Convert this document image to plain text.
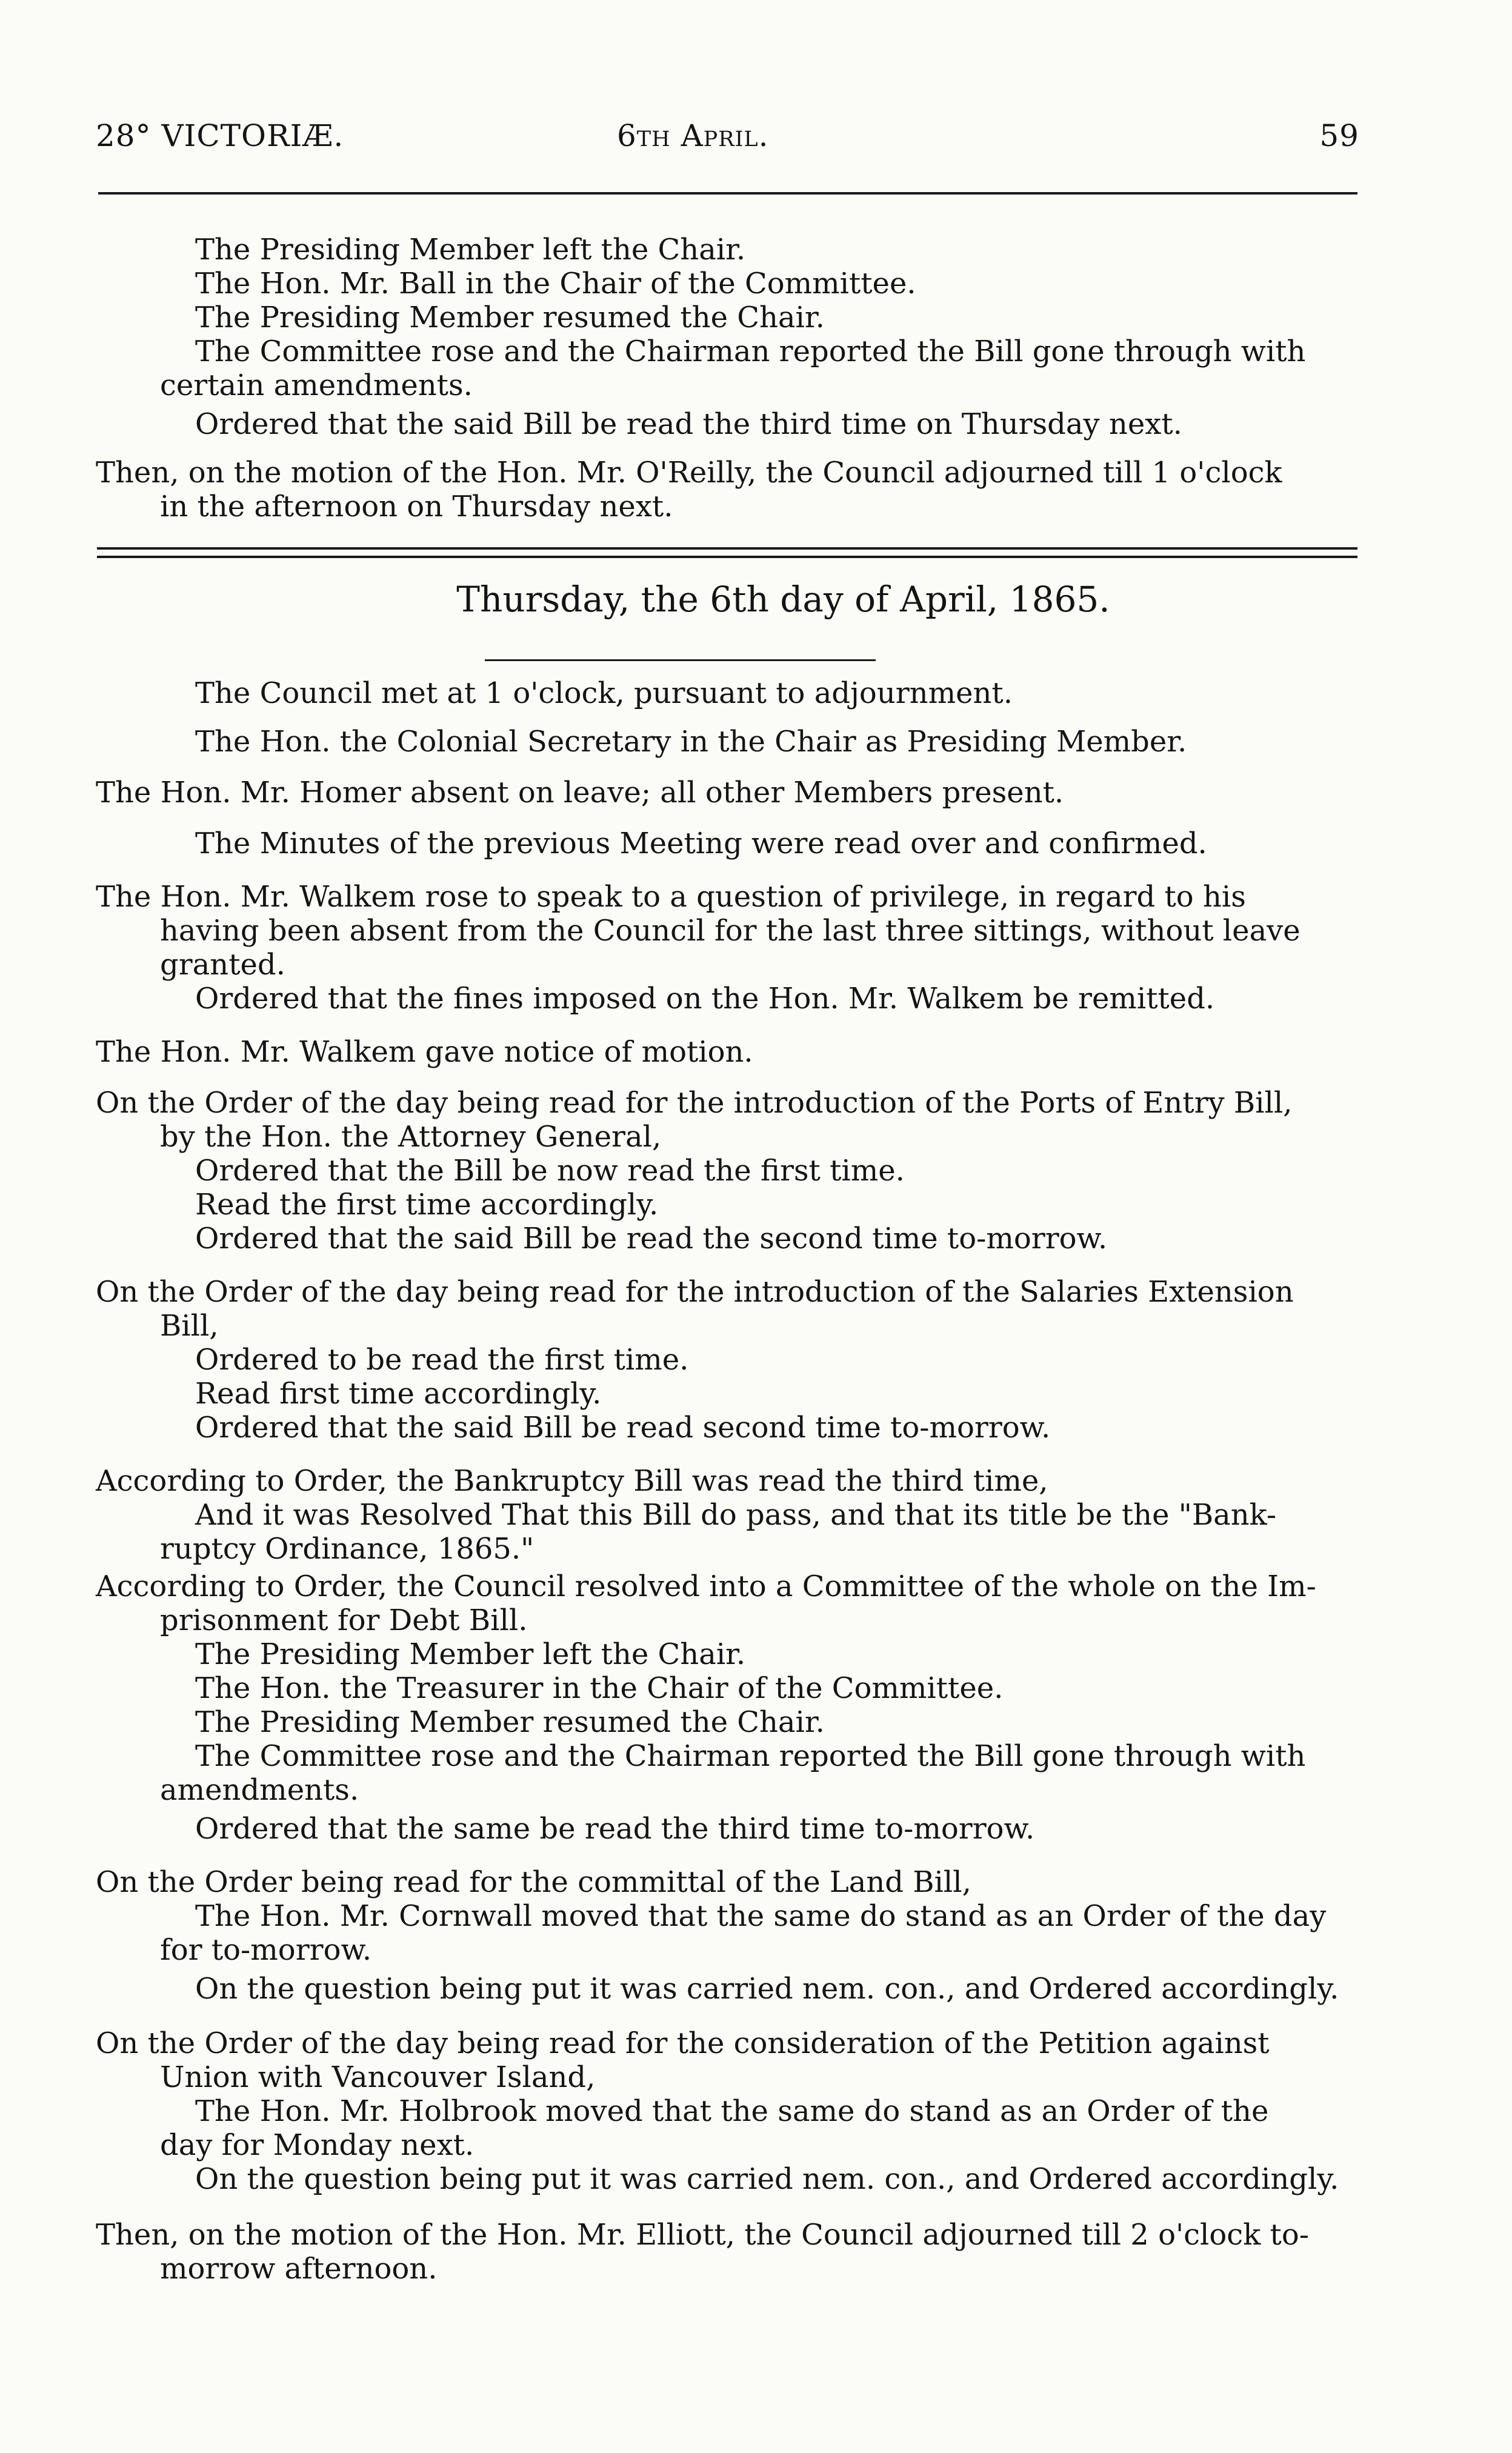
28° VICTORIÆ.	6th April.	59
The Presiding Member left the Chair.
The Hon. Mr. Ball in the Chair of the Committee.
The Presiding Member resumed the Chair.
The Committee rose and the Chairman reported the Bill gone through with
certain amendments.
Ordered that the said Bill be read the third time on Thursday next.
Then, on the motion of the Hon. Mr. O'Reilly, the Council adjourned till 1 o'clock
in the afternoon on Thursday next.
Thursday, the 6th day of April, 1865.
The Council met at 1 o'clock, pursuant to adjournment.
The Hon. the Colonial Secretary in the Chair as Presiding Member.
The Hon. Mr. Homer absent on leave; all other Members present.
The Minutes of the previous Meeting were read over and confirmed.
The Hon. Mr. Walkem rose to speak to a question of privilege, in regard to his
having been absent from the Council for the last three sittings, without leave
granted.
Ordered that the fines imposed on the Hon. Mr. Walkem be remitted.
The Hon. Mr. Walkem gave notice of motion.
On the Order of the day being read for the introduction of the Ports of Entry Bill,
by the Hon. the Attorney General,
Ordered that the Bill be now read the first time.
Read the first time accordingly.
Ordered that the said Bill be read the second time to-morrow.
On the Order of the day being read for the introduction of the Salaries Extension
Bill,
Ordered to be read the first time.
Read first time accordingly.
Ordered that the said Bill be read second time to-morrow.
According to Order, the Bankruptcy Bill was read the third time,
And it was Resolved That this Bill do pass, and that its title be the "Bank-
ruptcy Ordinance, 1865."
According to Order, the Council resolved into a Committee of the whole on the Im-
prisonment for Debt Bill.
The Presiding Member left the Chair.
The Hon. the Treasurer in the Chair of the Committee.
The Presiding Member resumed the Chair.
The Committee rose and the Chairman reported the Bill gone through with
amendments.
Ordered that the same be read the third time to-morrow.
On the Order being read for the committal of the Land Bill,
The Hon. Mr. Cornwall moved that the same do stand as an Order of the day
for to-morrow.
On the question being put it was carried nem. con., and Ordered accordingly.
On the Order of the day being read for the consideration of the Petition against
Union with Vancouver Island,
The Hon. Mr. Holbrook moved that the same do stand as an Order of the
day for Monday next.
On the question being put it was carried nem. con., and Ordered accordingly.
Then, on the motion of the Hon. Mr. Elliott, the Council adjourned till 2 o'clock to-
morrow afternoon.
